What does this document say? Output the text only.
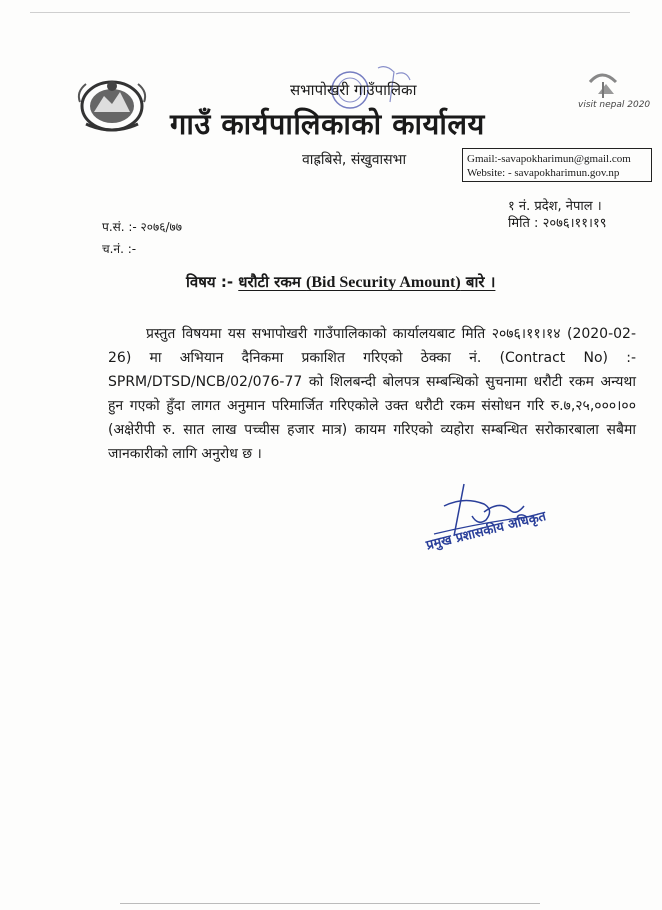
visit nepal 2020
सभापोखरी गाउँपालिका
गाउँ कार्यपालिकाको कार्यालय
वाह्रबिसे, संखुवासभा	Gmail:-savapokharimun@gmail.com
Website: - savapokharimun.gov.np
१ नं. प्रदेश, नेपाल ।
मिति : २०७६।११।१९
प.सं. :- २०७६/७७
च.नं. :-
विषय :- धरौटी रकम (Bid Security Amount) बारे ।
प्रस्तुत विषयमा यस सभापोखरी गाउँपालिकाको कार्यालयबाट मिति २०७६।११।१४ (2020-02-26) मा अभियान दैनिकमा प्रकाशित गरिएको ठेक्का नं. (Contract No) :- SPRM/DTSD/NCB/02/076-77 को शिलबन्दी बोलपत्र सम्बन्धिको सुचनामा धरौटी रकम अन्यथा हुन गएको हुँदा लागत अनुमान परिमार्जित गरिएकोले उक्त धरौटी रकम संसोधन गरि रु.७,२५,०००।०० (अक्षेरीपी रु. सात लाख पच्चीस हजार मात्र) कायम गरिएको व्यहोरा सम्बन्धित सरोकारबाला सबैमा जानकारीको लागि अनुरोध छ ।
प्रमुख प्रशासकीय अधिकृत
